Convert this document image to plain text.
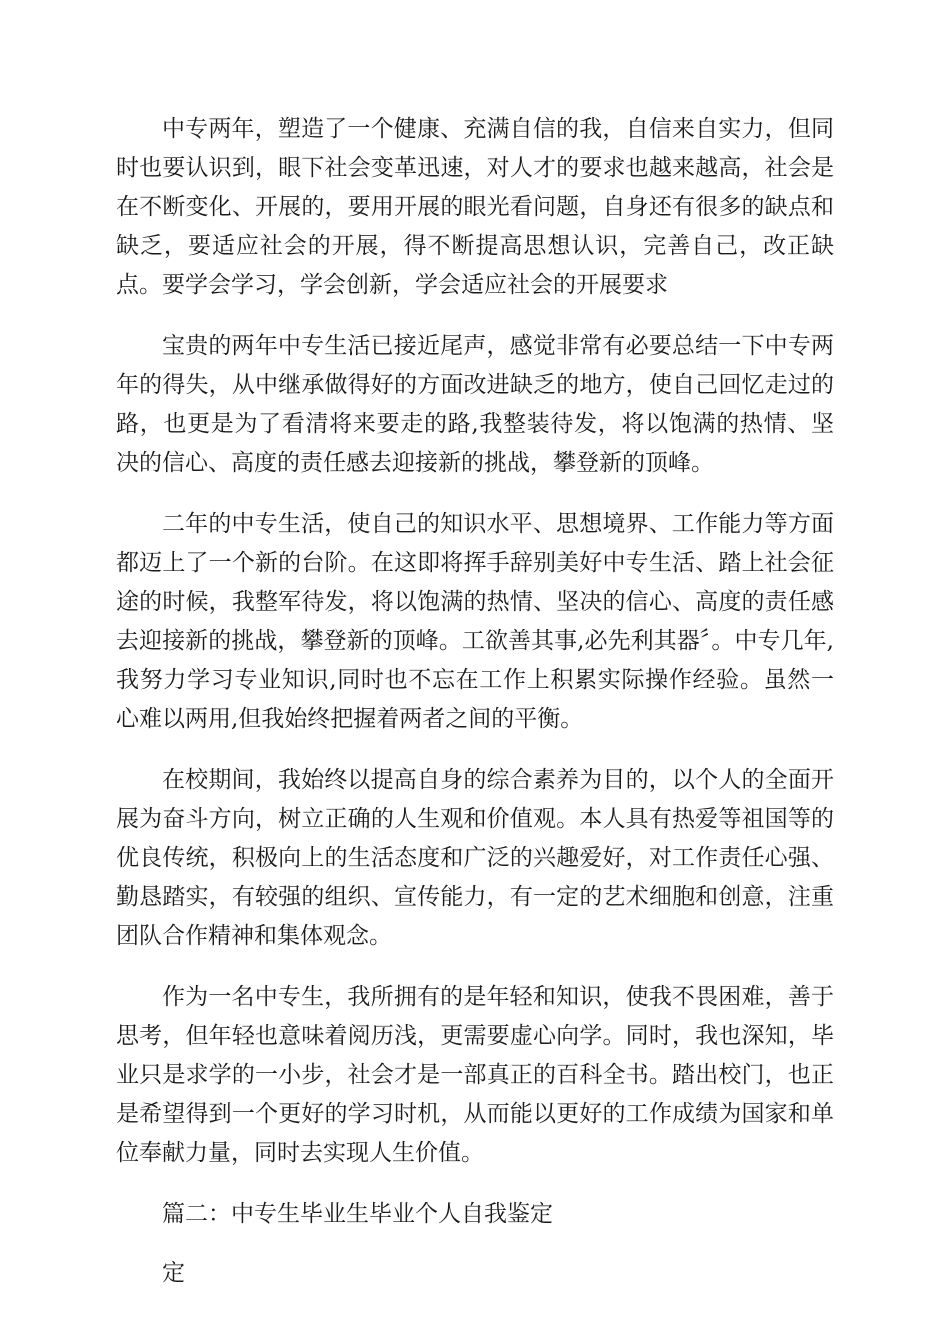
中专两年，塑造了一个健康、充满自信的我，自信来自实力，但同时也要认识到，眼下社会变革迅速，对人才的要求也越来越高，社会是在不断变化、开展的，要用开展的眼光看问题，自身还有很多的缺点和缺乏，要适应社会的开展，得不断提高思想认识，完善自己，改正缺点。要学会学习，学会创新，学会适应社会的开展要求

宝贵的两年中专生活已接近尾声，感觉非常有必要总结一下中专两年的得失，从中继承做得好的方面改进缺乏的地方，使自己回忆走过的路，也更是为了看清将来要走的路,我整装待发，将以饱满的热情、坚决的信心、高度的责任感去迎接新的挑战，攀登新的顶峰。

二年的中专生活，使自己的知识水平、思想境界、工作能力等方面都迈上了一个新的台阶。在这即将挥手辞别美好中专生活、踏上社会征途的时候，我整军待发，将以饱满的热情、坚决的信心、高度的责任感去迎接新的挑战，攀登新的顶峰。工欲善其事,必先利其器〞。中专几年,我努力学习专业知识,同时也不忘在工作上积累实际操作经验。虽然一心难以两用,但我始终把握着两者之间的平衡。

在校期间，我始终以提高自身的综合素养为目的，以个人的全面开展为奋斗方向，树立正确的人生观和价值观。本人具有热爱等祖国等的优良传统，积极向上的生活态度和广泛的兴趣爱好，对工作责任心强、勤恳踏实，有较强的组织、宣传能力，有一定的艺术细胞和创意，注重团队合作精神和集体观念。

作为一名中专生，我所拥有的是年轻和知识，使我不畏困难，善于思考，但年轻也意味着阅历浅，更需要虚心向学。同时，我也深知，毕业只是求学的一小步，社会才是一部真正的百科全书。踏出校门，也正是希望得到一个更好的学习时机，从而能以更好的工作成绩为国家和单位奉献力量，同时去实现人生价值。

篇二：中专生毕业生毕业个人自我鉴定

定
